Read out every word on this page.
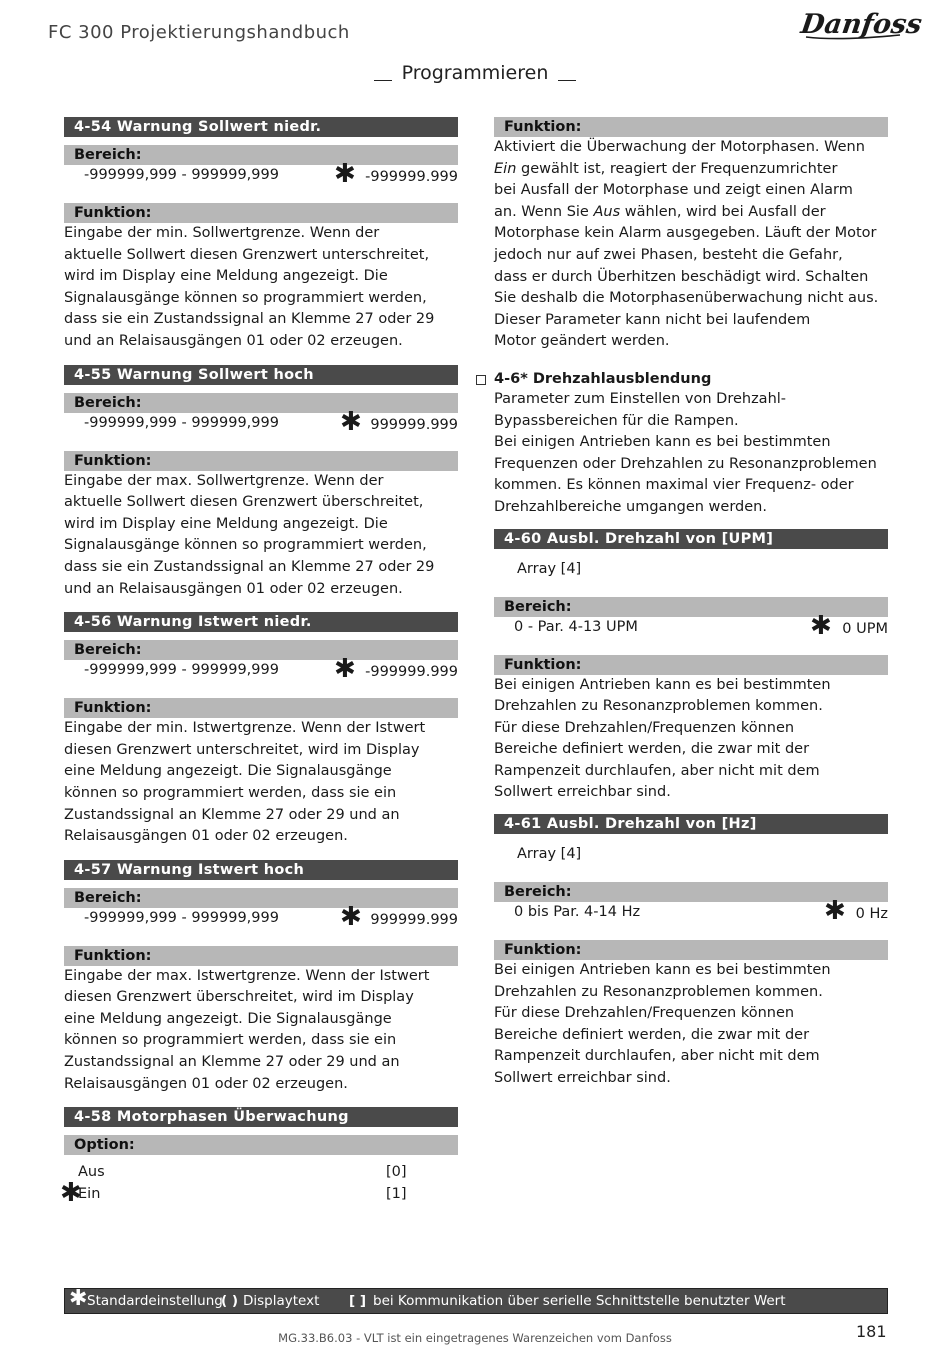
FC 300 Projektierungshandbuch	Danfoss
Programmieren
4-54 Warnung Sollwert niedr.
Bereich:
-999999,999 - 999999,999 ✱ -999999.999
Funktion:
Eingabe der min. Sollwertgrenze. Wenn der
aktuelle Sollwert diesen Grenzwert unterschreitet,
wird im Display eine Meldung angezeigt. Die
Signalausgänge können so programmiert werden,
dass sie ein Zustandssignal an Klemme 27 oder 29
und an Relaisausgängen 01 oder 02 erzeugen.
4-55 Warnung Sollwert hoch
Bereich:
-999999,999 - 999999,999 ✱ 999999.999
Funktion:
Eingabe der max. Sollwertgrenze. Wenn der
aktuelle Sollwert diesen Grenzwert überschreitet,
wird im Display eine Meldung angezeigt. Die
Signalausgänge können so programmiert werden,
dass sie ein Zustandssignal an Klemme 27 oder 29
und an Relaisausgängen 01 oder 02 erzeugen.
4-56 Warnung Istwert niedr.
Bereich:
-999999,999 - 999999,999 ✱ -999999.999
Funktion:
Eingabe der min. Istwertgrenze. Wenn der Istwert
diesen Grenzwert unterschreitet, wird im Display
eine Meldung angezeigt. Die Signalausgänge
können so programmiert werden, dass sie ein
Zustandssignal an Klemme 27 oder 29 und an
Relaisausgängen 01 oder 02 erzeugen.
4-57 Warnung Istwert hoch
Bereich:
-999999,999 - 999999,999 ✱ 999999.999
Funktion:
Eingabe der max. Istwertgrenze. Wenn der Istwert
diesen Grenzwert überschreitet, wird im Display
eine Meldung angezeigt. Die Signalausgänge
können so programmiert werden, dass sie ein
Zustandssignal an Klemme 27 oder 29 und an
Relaisausgängen 01 oder 02 erzeugen.
4-58 Motorphasen Überwachung
Option:
Aus	[0]
✱
Ein	[1]
Funktion:
Aktiviert die Überwachung der Motorphasen. Wenn
Ein gewählt ist, reagiert der Frequenzumrichter
bei Ausfall der Motorphase und zeigt einen Alarm
an. Wenn Sie Aus wählen, wird bei Ausfall der
Motorphase kein Alarm ausgegeben. Läuft der Motor
jedoch nur auf zwei Phasen, besteht die Gefahr,
dass er durch Überhitzen beschädigt wird. Schalten
Sie deshalb die Motorphasenüberwachung nicht aus.
Dieser Parameter kann nicht bei laufendem
Motor geändert werden.
4-6* Drehzahlausblendung
Parameter zum Einstellen von Drehzahl-
Bypassbereichen für die Rampen.
Bei einigen Antrieben kann es bei bestimmten
Frequenzen oder Drehzahlen zu Resonanzproblemen
kommen. Es können maximal vier Frequenz- oder
Drehzahlbereiche umgangen werden.
4-60 Ausbl. Drehzahl von [UPM]
Array [4]
Bereich:
0 - Par. 4-13 UPM	✱ 0 UPM
Funktion:
Bei einigen Antrieben kann es bei bestimmten
Drehzahlen zu Resonanzproblemen kommen.
Für diese Drehzahlen/Frequenzen können
Bereiche definiert werden, die zwar mit der
Rampenzeit durchlaufen, aber nicht mit dem
Sollwert erreichbar sind.
4-61 Ausbl. Drehzahl von [Hz]
Array [4]
Bereich:
0 bis Par. 4-14 Hz	✱ 0 Hz
Funktion:
Bei einigen Antrieben kann es bei bestimmten
Drehzahlen zu Resonanzproblemen kommen.
Für diese Drehzahlen/Frequenzen können
Bereiche definiert werden, die zwar mit der
Rampenzeit durchlaufen, aber nicht mit dem
Sollwert erreichbar sind.
✱ Standardeinstellung
( ) Displaytext [ ] bei Kommunikation über serielle Schnittstelle benutzter Wert
MG.33.B6.03 - VLT ist ein eingetragenes Warenzeichen vom Danfoss	181
